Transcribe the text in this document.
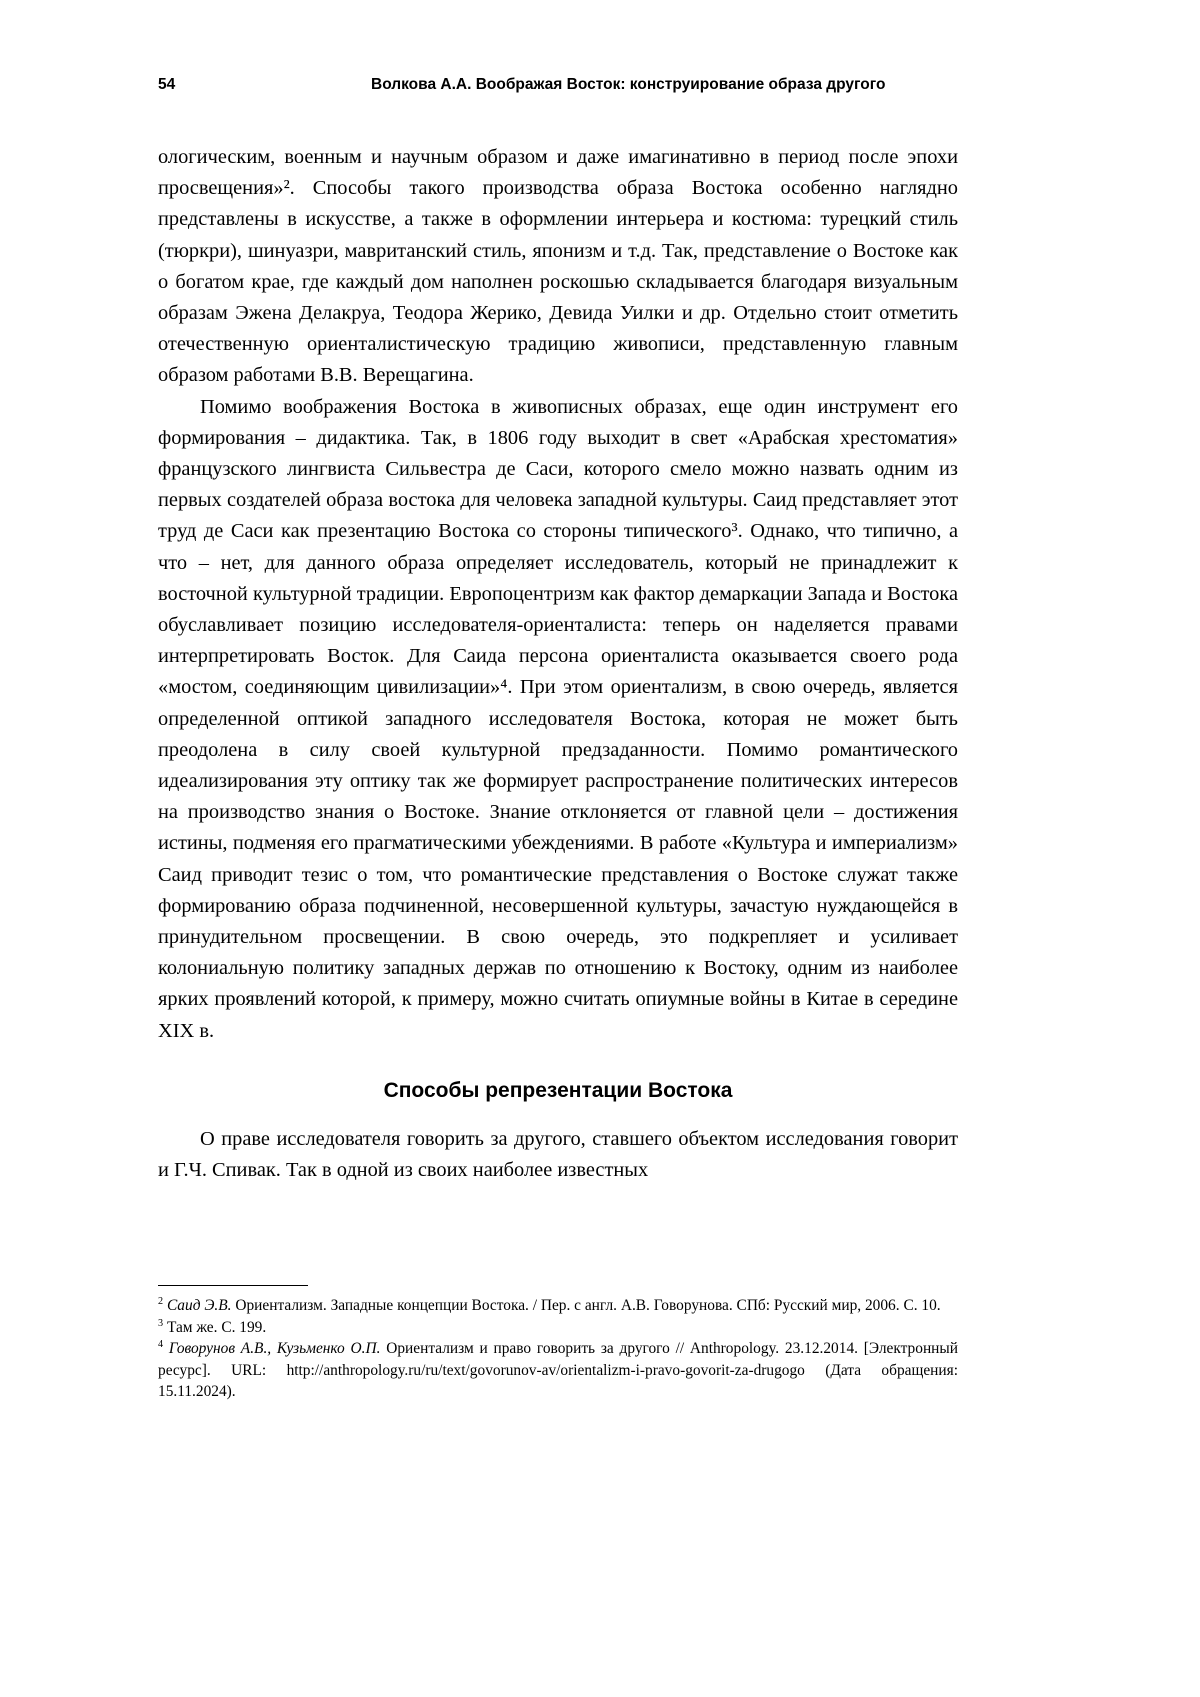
54	Волкова А.А. Воображая Восток: конструирование образа другого

ологическим, военным и научным образом и даже имагинативно в период после эпохи просвещения»². Способы такого производства образа Востока особенно наглядно представлены в искусстве, а также в оформлении интерьера и костюма: турецкий стиль (тюркри), шинуазри, мавританский стиль, японизм и т.д. Так, представление о Востоке как о богатом крае, где каждый дом наполнен роскошью складывается благодаря визуальным образам Эжена Делакруа, Теодора Жерико, Девида Уилки и др. Отдельно стоит отметить отечественную ориенталистическую традицию живописи, представленную главным образом работами В.В. Верещагина.

Помимо воображения Востока в живописных образах, еще один инструмент его формирования – дидактика. Так, в 1806 году выходит в свет «Арабская хрестоматия» французского лингвиста Сильвестра де Саси, которого смело можно назвать одним из первых создателей образа востока для человека западной культуры. Саид представляет этот труд де Саси как презентацию Востока со стороны типического³. Однако, что типично, а что – нет, для данного образа определяет исследователь, который не принадлежит к восточной культурной традиции. Европоцентризм как фактор демаркации Запада и Востока обуславливает позицию исследователя-ориенталиста: теперь он наделяется правами интерпретировать Восток. Для Саида персона ориенталиста оказывается своего рода «мостом, соединяющим цивилизации»⁴. При этом ориентализм, в свою очередь, является определенной оптикой западного исследователя Востока, которая не может быть преодолена в силу своей культурной предзаданности. Помимо романтического идеализирования эту оптику так же формирует распространение политических интересов на производство знания о Востоке. Знание отклоняется от главной цели – достижения истины, подменяя его прагматическими убеждениями. В работе «Культура и империализм» Саид приводит тезис о том, что романтические представления о Востоке служат также формированию образа подчиненной, несовершенной культуры, зачастую нуждающейся в принудительном просвещении. В свою очередь, это подкрепляет и усиливает колониальную политику западных держав по отношению к Востоку, одним из наиболее ярких проявлений которой, к примеру, можно считать опиумные войны в Китае в середине XIX в.

Способы репрезентации Востока

О праве исследователя говорить за другого, ставшего объектом исследования говорит и Г.Ч. Спивак. Так в одной из своих наиболее известных

$^2$ Саид Э.В. Ориентализм. Западные концепции Востока. / Пер. с англ. А.В. Говорунова. СПб: Русский мир, 2006. С. 10.

$^3$ Там же. С. 199.

$^4$ Говорунов А.В., Кузьменко О.П. Ориентализм и право говорить за другого // Anthropology. 23.12.2014. [Электронный ресурс]. URL: http://anthropology.ru/ru/text/govorunov-av/orientalizm-i-pravo-govorit-za-drugogo (Дата обращения: 15.11.2024).
